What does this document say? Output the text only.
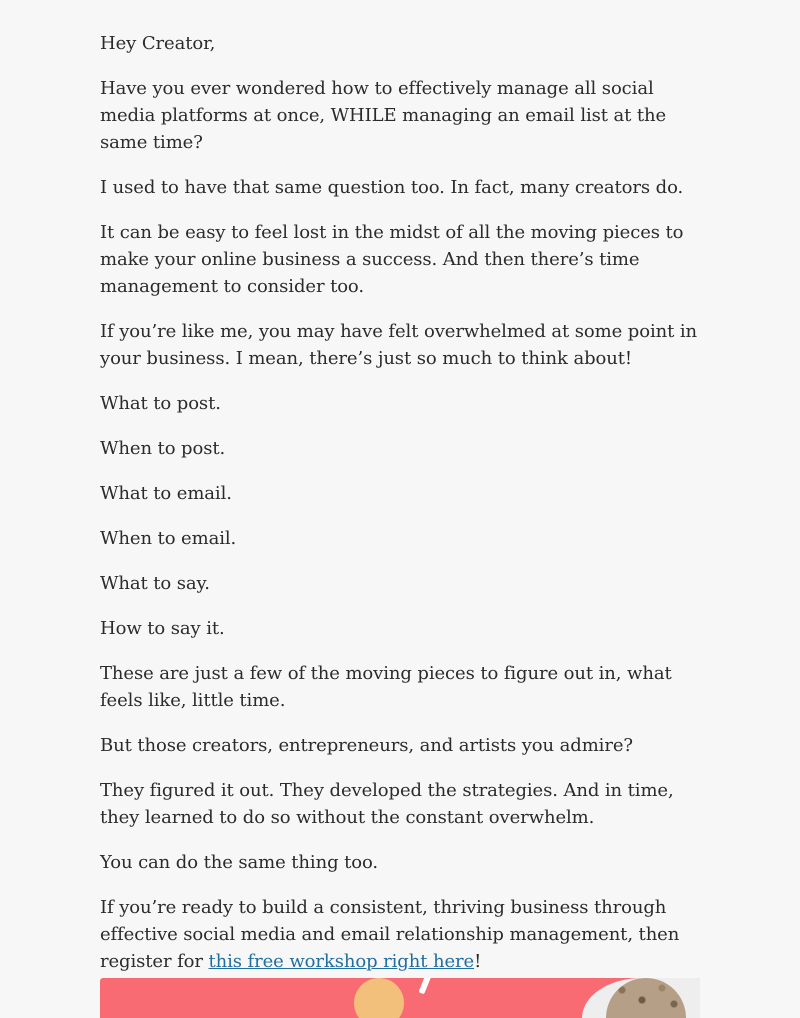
Hey Creator,

Have you ever wondered how to effectively manage all social media platforms at once, WHILE managing an email list at the same time?

I used to have that same question too. In fact, many creators do.

It can be easy to feel lost in the midst of all the moving pieces to make your online business a success. And then there’s time management to consider too.

If you’re like me, you may have felt overwhelmed at some point in your business. I mean, there’s just so much to think about!

What to post.

When to post.

What to email.

When to email.

What to say.

How to say it.

These are just a few of the moving pieces to figure out in, what feels like, little time.

But those creators, entrepreneurs, and artists you admire?

They figured it out. They developed the strategies. And in time, they learned to do so without the constant overwhelm.

You can do the same thing too.

If you’re ready to build a consistent, thriving business through effective social media and email relationship management, then register for this free workshop right here!
